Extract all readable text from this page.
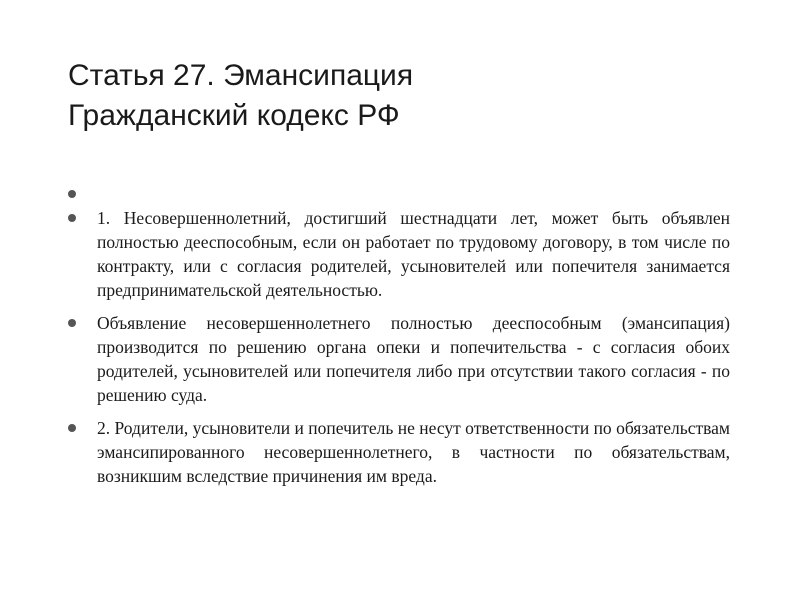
Статья 27. Эмансипация
Гражданский кодекс РФ
1. Несовершеннолетний, достигший шестнадцати лет, может быть объявлен полностью дееспособным, если он работает по трудовому договору, в том числе по контракту, или с согласия родителей, усыновителей или попечителя занимается предпринимательской деятельностью.
Объявление несовершеннолетнего полностью дееспособным (эмансипация) производится по решению органа опеки и попечительства - с согласия обоих родителей, усыновителей или попечителя либо при отсутствии такого согласия - по решению суда.
2. Родители, усыновители и попечитель не несут ответственности по обязательствам эмансипированного несовершеннолетнего, в частности по обязательствам, возникшим вследствие причинения им вреда.
